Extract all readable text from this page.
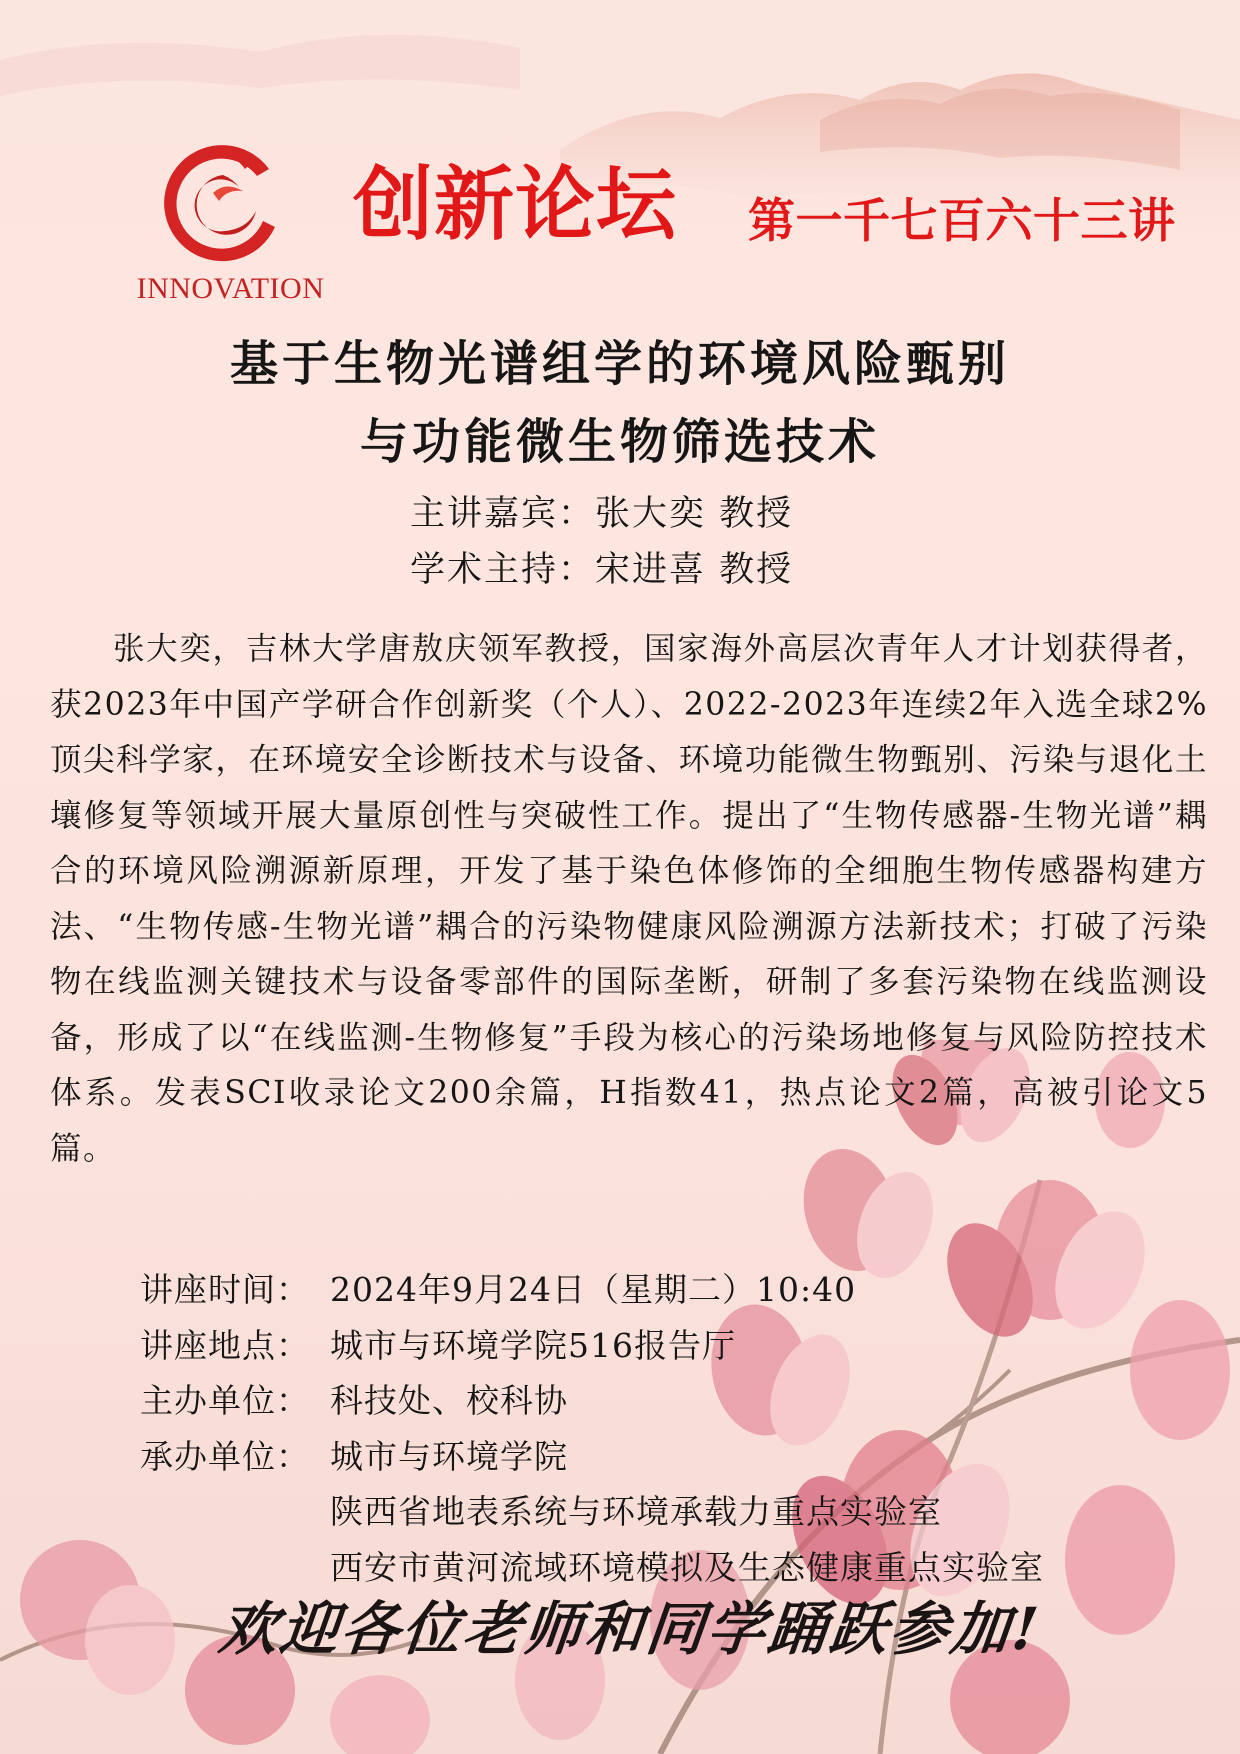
INNOVATION
创新论坛 第一千七百六十三讲
基于生物光谱组学的环境风险甄别
与功能微生物筛选技术
主讲嘉宾：张大奕 教授
学术主持：宋进喜 教授

张大奕，吉林大学唐敖庆领军教授，国家海外高层次青年人才计划获得者，获2023年中国产学研合作创新奖（个人）、2022-2023年连续2年入选全球2%顶尖科学家，在环境安全诊断技术与设备、环境功能微生物甄别、污染与退化土壤修复等领域开展大量原创性与突破性工作。提出了“生物传感器-生物光谱”耦合的环境风险溯源新原理，开发了基于染色体修饰的全细胞生物传感器构建方法、“生物传感-生物光谱”耦合的污染物健康风险溯源方法新技术；打破了污染物在线监测关键技术与设备零部件的国际垄断，研制了多套污染物在线监测设备，形成了以“在线监测-生物修复”手段为核心的污染场地修复与风险防控技术体系。发表SCI收录论文200余篇，H指数41，热点论文2篇，高被引论文5篇。

讲座时间： 2024年9月24日（星期二）10:40
讲座地点： 城市与环境学院516报告厅
主办单位： 科技处、校科协
承办单位： 城市与环境学院
陕西省地表系统与环境承载力重点实验室
西安市黄河流域环境模拟及生态健康重点实验室
欢迎各位老师和同学踊跃参加!
